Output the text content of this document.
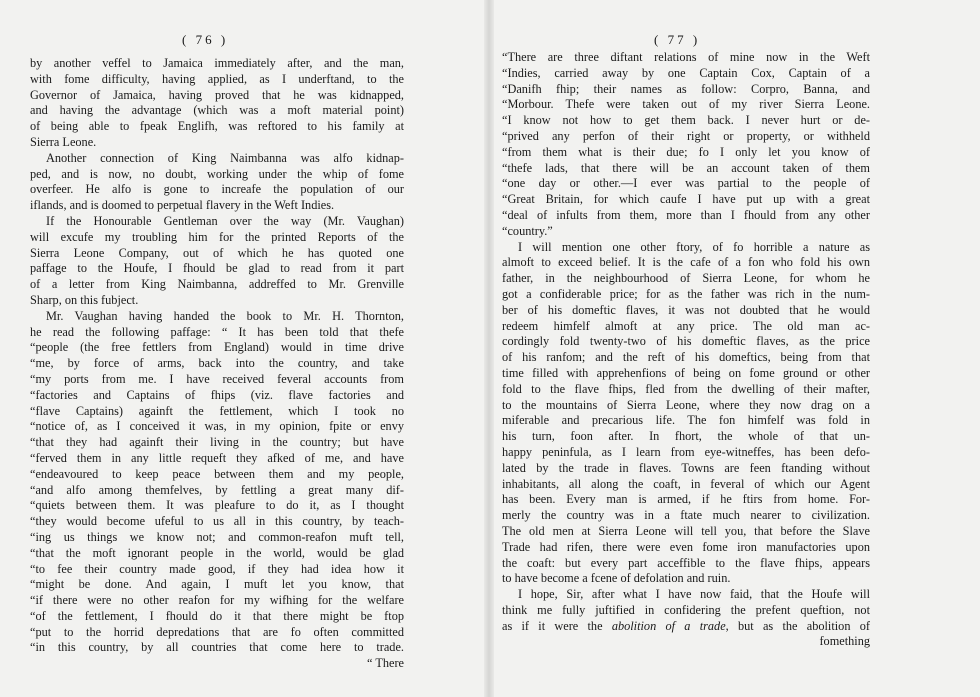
( 76 )
by another veffel to Jamaica immediately after, and the man,
with fome difficulty, having applied, as I underftand, to the
Governor of Jamaica, having proved that he was kidnapped,
and having the advantage (which was a moft material point)
of being able to fpeak Englifh, was reftored to his family at
Sierra Leone.
Another connection of King Naimbanna was alfo kidnap-
ped, and is now, no doubt, working under the whip of fome
overfeer. He alfo is gone to increafe the population of our
iflands, and is doomed to perpetual flavery in the Weft Indies.
If the Honourable Gentleman over the way (Mr. Vaughan)
will excufe my troubling him for the printed Reports of the
Sierra Leone Company, out of which he has quoted one
paffage to the Houfe, I fhould be glad to read from it part
of a letter from King Naimbanna, addreffed to Mr. Grenville
Sharp, on this fubject.
Mr. Vaughan having handed the book to Mr. H. Thornton,
he read the following paffage: “ It has been told that thefe
“ people (the free fettlers from England) would in time drive
“ me, by force of arms, back into the country, and take
“ my ports from me. I have received feveral accounts from
“ factories and Captains of fhips (viz. flave factories and
“ flave Captains) againft the fettlement, which I took no
“ notice of, as I conceived it was, in my opinion, fpite or envy
“ that they had againft their living in the country; but have
“ ferved them in any little requeft they afked of me, and have
“ endeavoured to keep peace between them and my people,
“ and alfo among themfelves, by fettling a great many dif-
“ quiets between them. It was pleafure to do it, as I thought
“ they would become ufeful to us all in this country, by teach-
“ ing us things we know not; and common-reafon muft tell,
“ that the moft ignorant people in the world, would be glad
“ to fee their country made good, if they had idea how it
“ might be done. And again, I muft let you know, that
“ if there were no other reafon for my wifhing for the welfare
“ of the fettlement, I fhould do it that there might be ftop
“ put to the horrid depredations that are fo often committed
“ in this country, by all countries that come here to trade.
“ There
( 77 )
“ There are three diftant relations of mine now in the Weft
“ Indies, carried away by one Captain Cox, Captain of a
“ Danifh fhip; their names as follow: Corpro, Banna, and
“ Morbour. Thefe were taken out of my river Sierra Leone.
“ I know not how to get them back. I never hurt or de-
“ prived any perfon of their right or property, or withheld
“ from them what is their due; fo I only let you know of
“ thefe lads, that there will be an account taken of them
“ one day or other.—I ever was partial to the people of
“ Great Britain, for which caufe I have put up with a great
“ deal of infults from them, more than I fhould from any other
“ country.”
I will mention one other ftory, of fo horrible a nature as
almoft to exceed belief. It is the cafe of a fon who fold his own
father, in the neighbourhood of Sierra Leone, for whom he
got a confiderable price; for as the father was rich in the num-
ber of his domeftic flaves, it was not doubted that he would
redeem himfelf almoft at any price. The old man ac-
cordingly fold twenty-two of his domeftic flaves, as the price
of his ranfom; and the reft of his domeftics, being from that
time filled with apprehenfions of being on fome ground or other
fold to the flave fhips, fled from the dwelling of their mafter,
to the mountains of Sierra Leone, where they now drag on a
miferable and precarious life. The fon himfelf was fold in
his turn, foon after. In fhort, the whole of that un-
happy peninfula, as I learn from eye-witneffes, has been defo-
lated by the trade in flaves. Towns are feen ftanding without
inhabitants, all along the coaft, in feveral of which our Agent
has been. Every man is armed, if he ftirs from home. For-
merly the country was in a ftate much nearer to civilization.
The old men at Sierra Leone will tell you, that before the Slave
Trade had rifen, there were even fome iron manufactories upon
the coaft: but every part acceffible to the flave fhips, appears
to have become a fcene of defolation and ruin.
I hope, Sir, after what I have now faid, that the Houfe will
think me fully juftified in confidering the prefent queftion, not
as if it were the abolition of a trade, but as the abolition of
fomething
